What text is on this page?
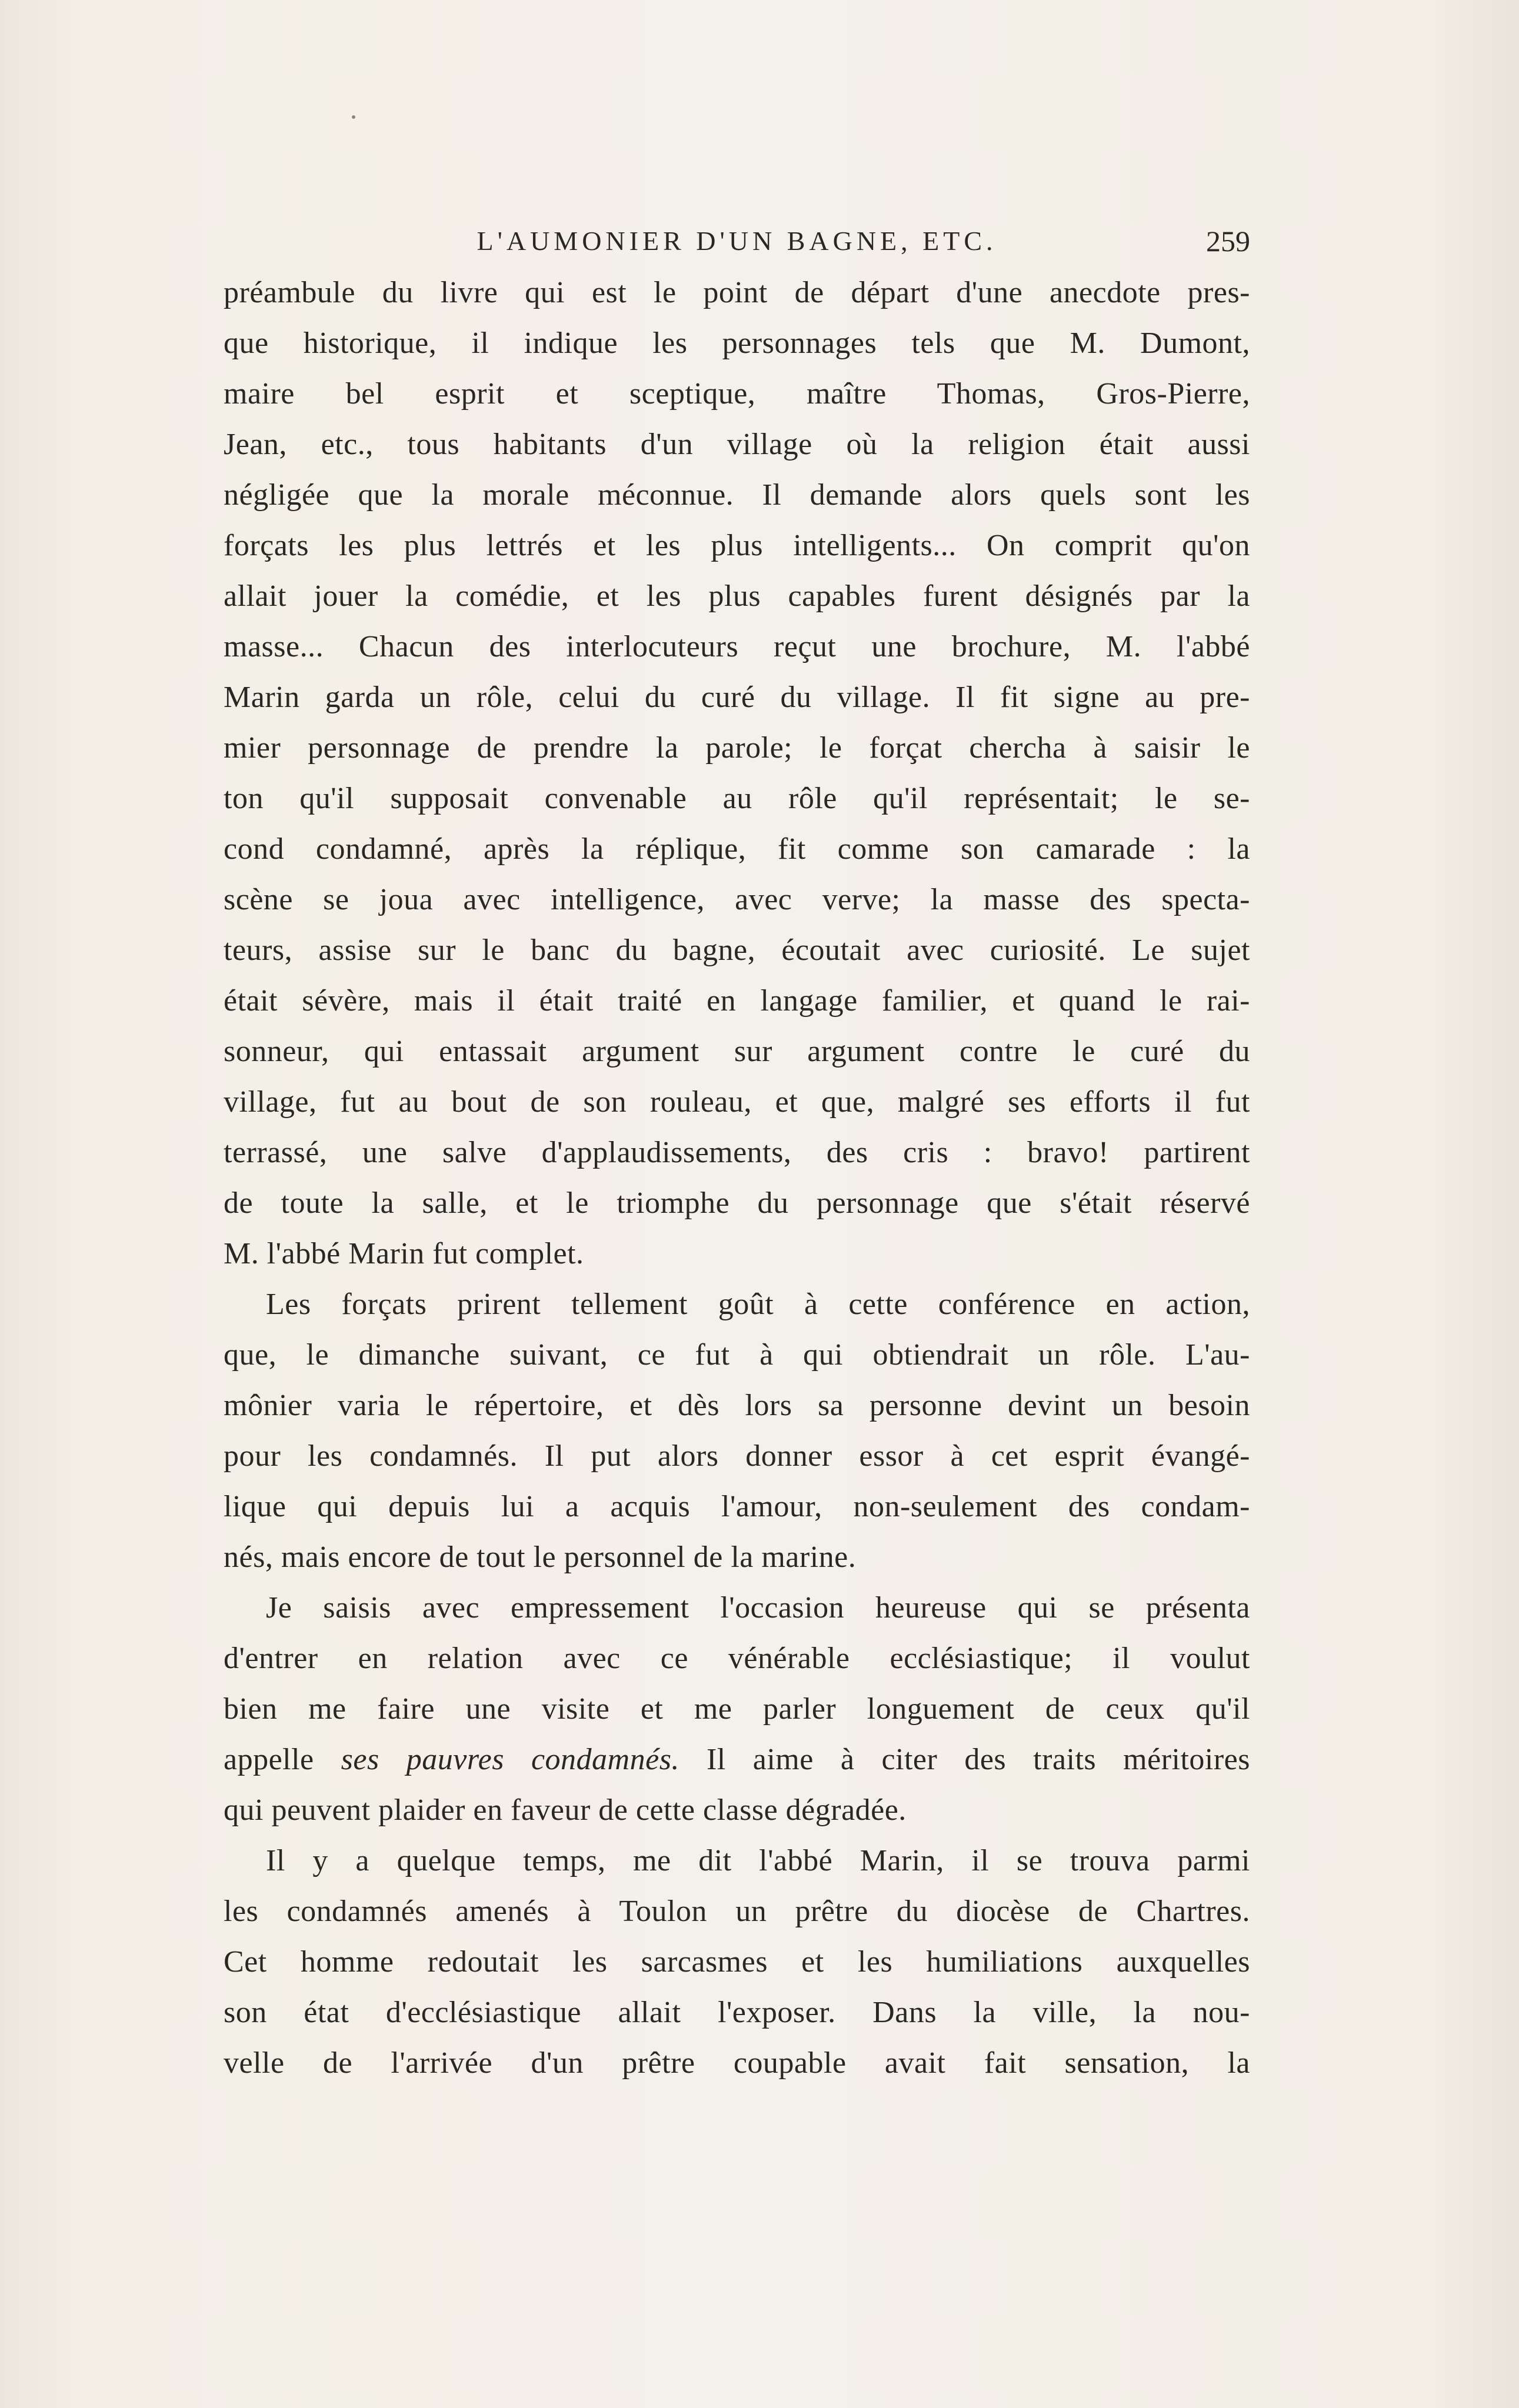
L'AUMONIER D'UN BAGNE, ETC.	259
préambule du livre qui est le point de départ d'une anecdote pres-
que historique, il indique les personnages tels que M. Dumont,
maire bel esprit et sceptique, maître Thomas, Gros-Pierre,
Jean, etc., tous habitants d'un village où la religion était aussi
négligée que la morale méconnue. Il demande alors quels sont les
forçats les plus lettrés et les plus intelligents... On comprit qu'on
allait jouer la comédie, et les plus capables furent désignés par la
masse... Chacun des interlocuteurs reçut une brochure, M. l'abbé
Marin garda un rôle, celui du curé du village. Il fit signe au pre-
mier personnage de prendre la parole; le forçat chercha à saisir le
ton qu'il supposait convenable au rôle qu'il représentait; le se-
cond condamné, après la réplique, fit comme son camarade : la
scène se joua avec intelligence, avec verve; la masse des specta-
teurs, assise sur le banc du bagne, écoutait avec curiosité. Le sujet
était sévère, mais il était traité en langage familier, et quand le rai-
sonneur, qui entassait argument sur argument contre le curé du
village, fut au bout de son rouleau, et que, malgré ses efforts il fut
terrassé, une salve d'applaudissements, des cris : bravo! partirent
de toute la salle, et le triomphe du personnage que s'était réservé
M. l'abbé Marin fut complet.
Les forçats prirent tellement goût à cette conférence en action,
que, le dimanche suivant, ce fut à qui obtiendrait un rôle. L'au-
mônier varia le répertoire, et dès lors sa personne devint un besoin
pour les condamnés. Il put alors donner essor à cet esprit évangé-
lique qui depuis lui a acquis l'amour, non-seulement des condam-
nés, mais encore de tout le personnel de la marine.
Je saisis avec empressement l'occasion heureuse qui se présenta
d'entrer en relation avec ce vénérable ecclésiastique; il voulut
bien me faire une visite et me parler longuement de ceux qu'il
appelle ses pauvres condamnés. Il aime à citer des traits méritoires
qui peuvent plaider en faveur de cette classe dégradée.
Il y a quelque temps, me dit l'abbé Marin, il se trouva parmi
les condamnés amenés à Toulon un prêtre du diocèse de Chartres.
Cet homme redoutait les sarcasmes et les humiliations auxquelles
son état d'ecclésiastique allait l'exposer. Dans la ville, la nou-
velle de l'arrivée d'un prêtre coupable avait fait sensation, la
